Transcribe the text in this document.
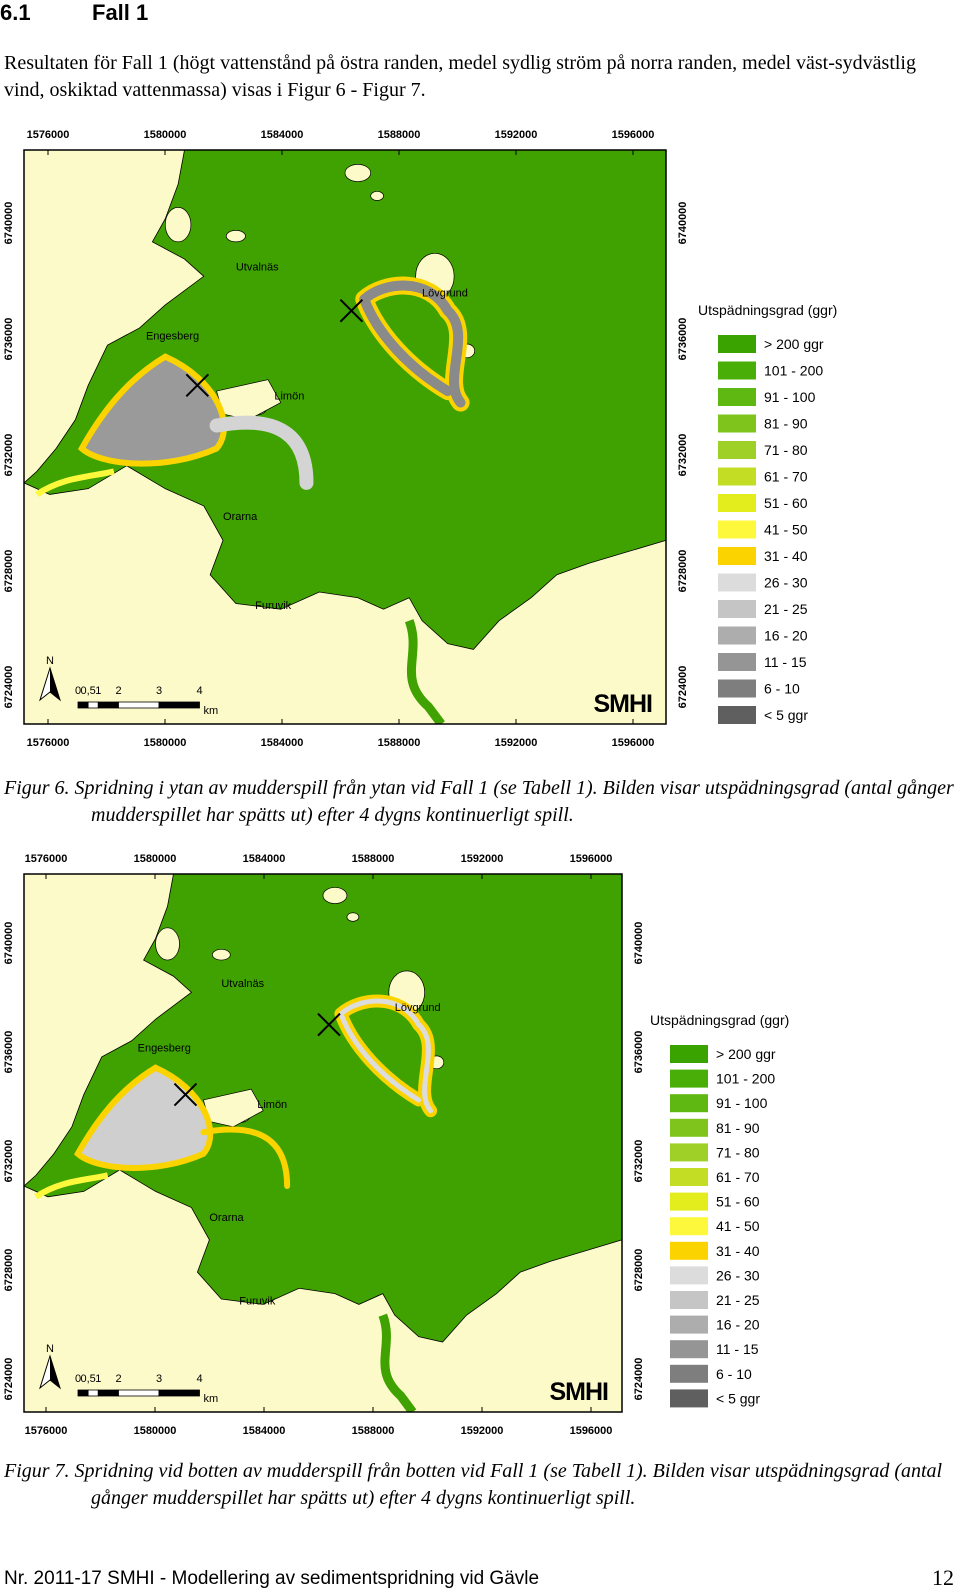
6.1	Fall 1

Resultaten för Fall 1 (högt vattenstånd på östra randen, medel sydlig ström på norra randen, medel väst-sydvästlig vind, oskiktad vattenmassa) visas i Figur 6 - Figur 7.

Utvalnäs
Engesberg
Limön
Lövgrund
Orarna
Furuvik
1576000
1576000
1580000
1580000
1584000
1584000
1588000
1588000
1592000
1592000
1596000
1596000
6740000	6740000
6736000	6736000
6732000	6732000
6728000	6728000
6724000	6724000
N
0 0,5 1 2	3	4
km	SMHI
Utspädningsgrad (ggr)
> 200 ggr
101 - 200
91 - 100
81 - 90
71 - 80
61 - 70
51 - 60
41 - 50
31 - 40
26 - 30
21 - 25
16 - 20
11 - 15
6 - 10
< 5 ggr

Figur 6. Spridning i ytan av mudderspill från ytan vid Fall 1 (se Tabell 1). Bilden visar utspädningsgrad (antal gånger mudderspillet har spätts ut) efter 4 dygns kontinuerligt spill.

Utvalnäs
Engesberg
Limön
Lövgrund
Orarna
Furuvik
1576000
1576000
1580000
1580000
1584000
1584000
1588000
1588000
1592000
1592000
1596000
1596000
6740000	6740000
6736000	6736000
6732000	6732000
6728000	6728000
6724000	6724000
N
0 0,5 1 2	3	4
km	SMHI
Utspädningsgrad (ggr)
> 200 ggr
101 - 200
91 - 100
81 - 90
71 - 80
61 - 70
51 - 60
41 - 50
31 - 40
26 - 30
21 - 25
16 - 20
11 - 15
6 - 10
< 5 ggr

Figur 7. Spridning vid botten av mudderspill från botten vid Fall 1 (se Tabell 1). Bilden visar utspädningsgrad (antal gånger mudderspillet har spätts ut) efter 4 dygns kontinuerligt spill.

Nr. 2011-17 SMHI - Modellering av sedimentspridning vid Gävle	12
